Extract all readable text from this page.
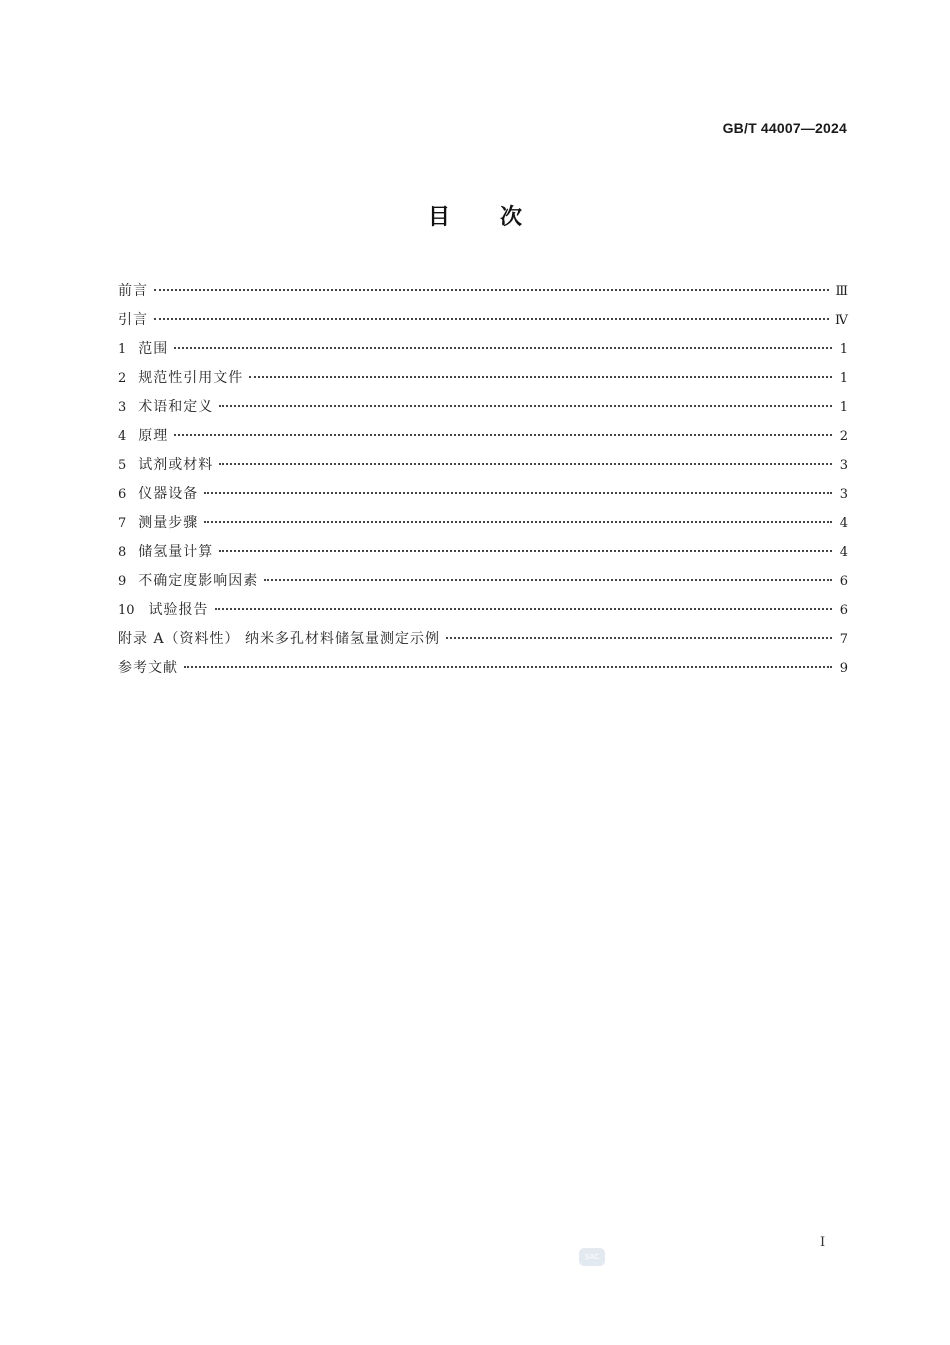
GB/T 44007—2024
目次
前言	Ⅲ
引言	Ⅳ
1 范围	1
2 规范性引用文件	1
3 术语和定义	1
4 原理	2
5 试剂或材料	3
6 仪器设备	3
7 测量步骤	4
8 储氢量计算	4
9 不确定度影响因素	6
10 试验报告	6
附录 A（资料性） 纳米多孔材料储氢量测定示例	7
参考文献	9
I
SAC
